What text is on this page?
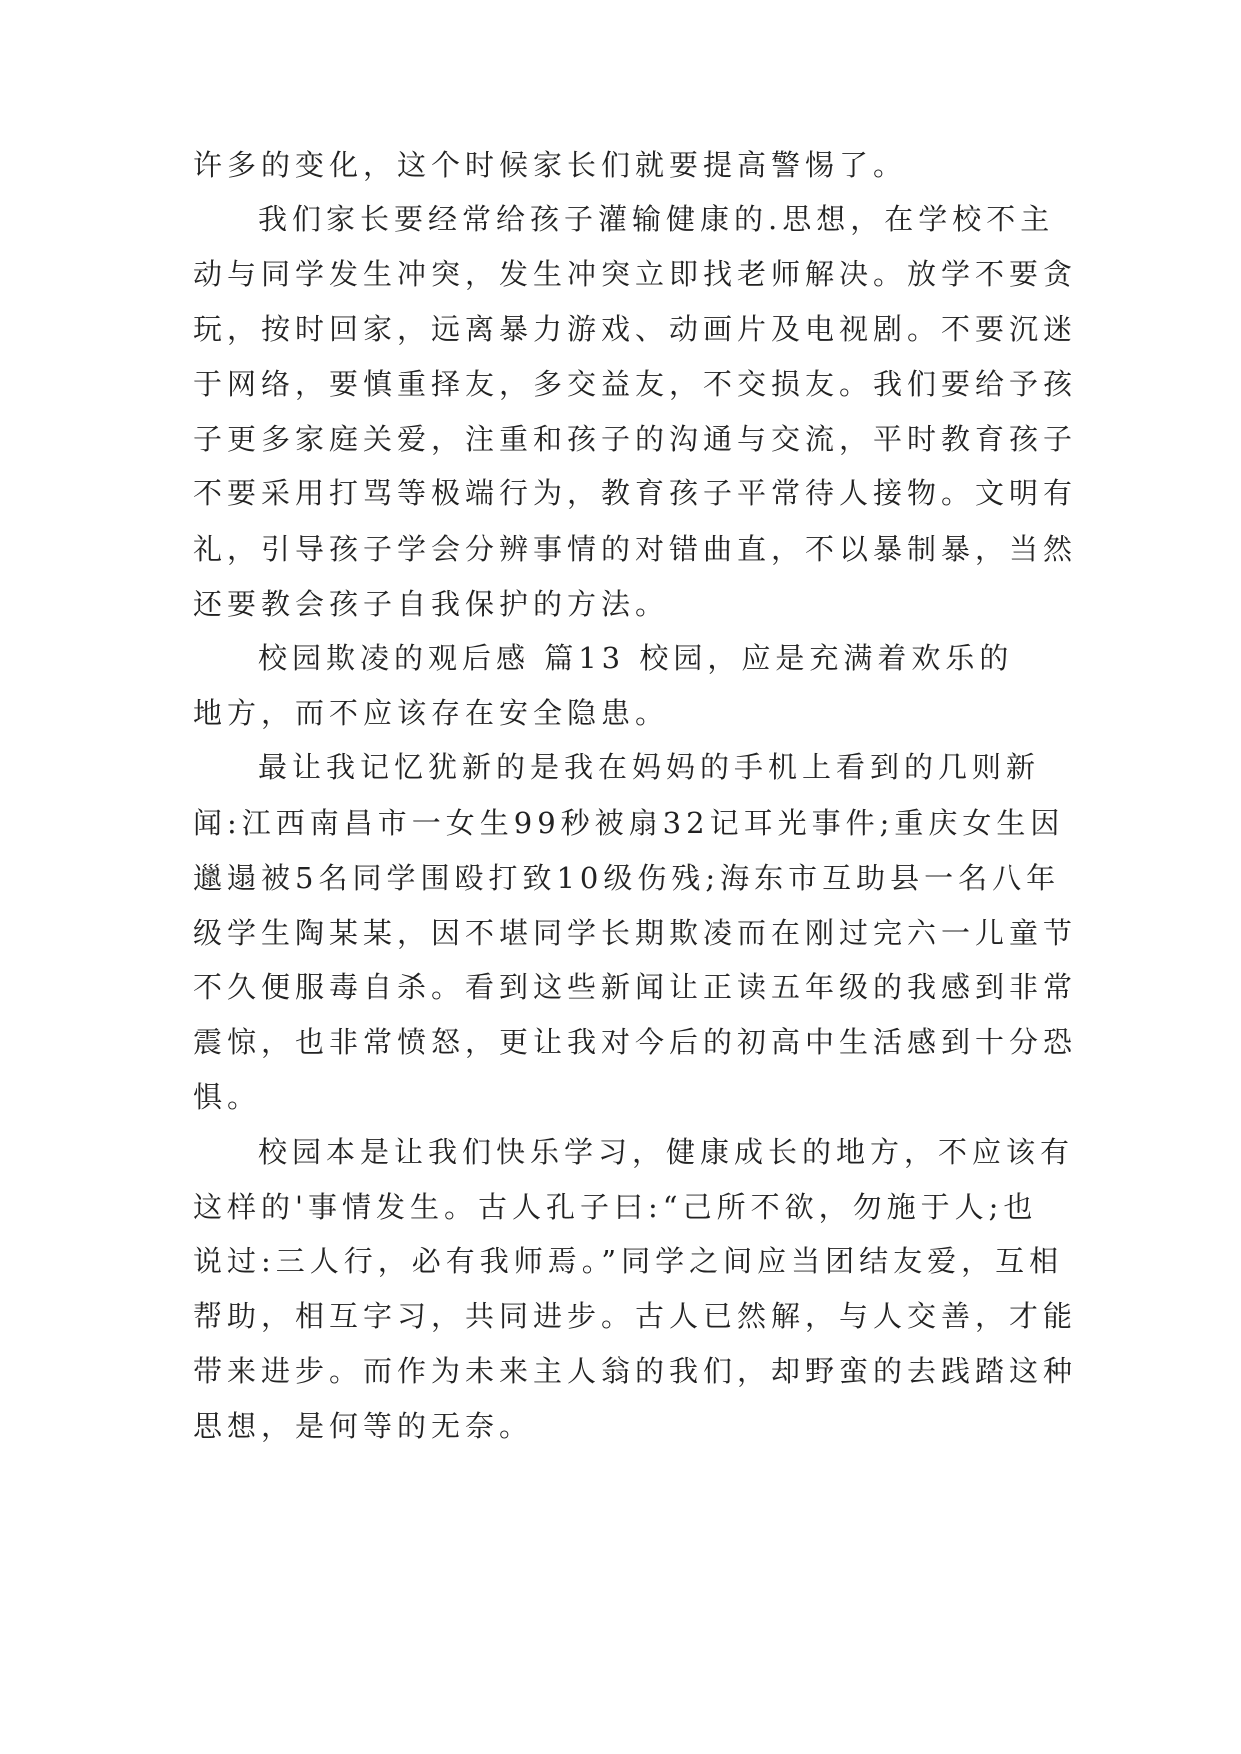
许多的变化，这个时候家长们就要提高警惕了。
我们家长要经常给孩子灌输健康的.思想，在学校不主
动与同学发生冲突，发生冲突立即找老师解决。放学不要贪
玩，按时回家，远离暴力游戏、动画片及电视剧。不要沉迷
于网络，要慎重择友，多交益友，不交损友。我们要给予孩
子更多家庭关爱，注重和孩子的沟通与交流，平时教育孩子
不要采用打骂等极端行为，教育孩子平常待人接物。文明有
礼，引导孩子学会分辨事情的对错曲直，不以暴制暴，当然
还要教会孩子自我保护的方法。
校园欺凌的观后感 篇13 校园，应是充满着欢乐的
地方，而不应该存在安全隐患。
最让我记忆犹新的是我在妈妈的手机上看到的几则新
闻:江西南昌市一女生99秒被扇32记耳光事件;重庆女生因
邋遢被5名同学围殴打致10级伤残;海东市互助县一名八年
级学生陶某某，因不堪同学长期欺凌而在刚过完六一儿童节
不久便服毒自杀。看到这些新闻让正读五年级的我感到非常
震惊，也非常愤怒，更让我对今后的初高中生活感到十分恐
惧。
校园本是让我们快乐学习，健康成长的地方，不应该有
这样的'事情发生。古人孔子曰:“己所不欲，勿施于人;也
说过:三人行，必有我师焉。”同学之间应当团结友爱，互相
帮助，相互字习，共同进步。古人已然解，与人交善，才能
带来进步。而作为未来主人翁的我们，却野蛮的去践踏这种
思想，是何等的无奈。
